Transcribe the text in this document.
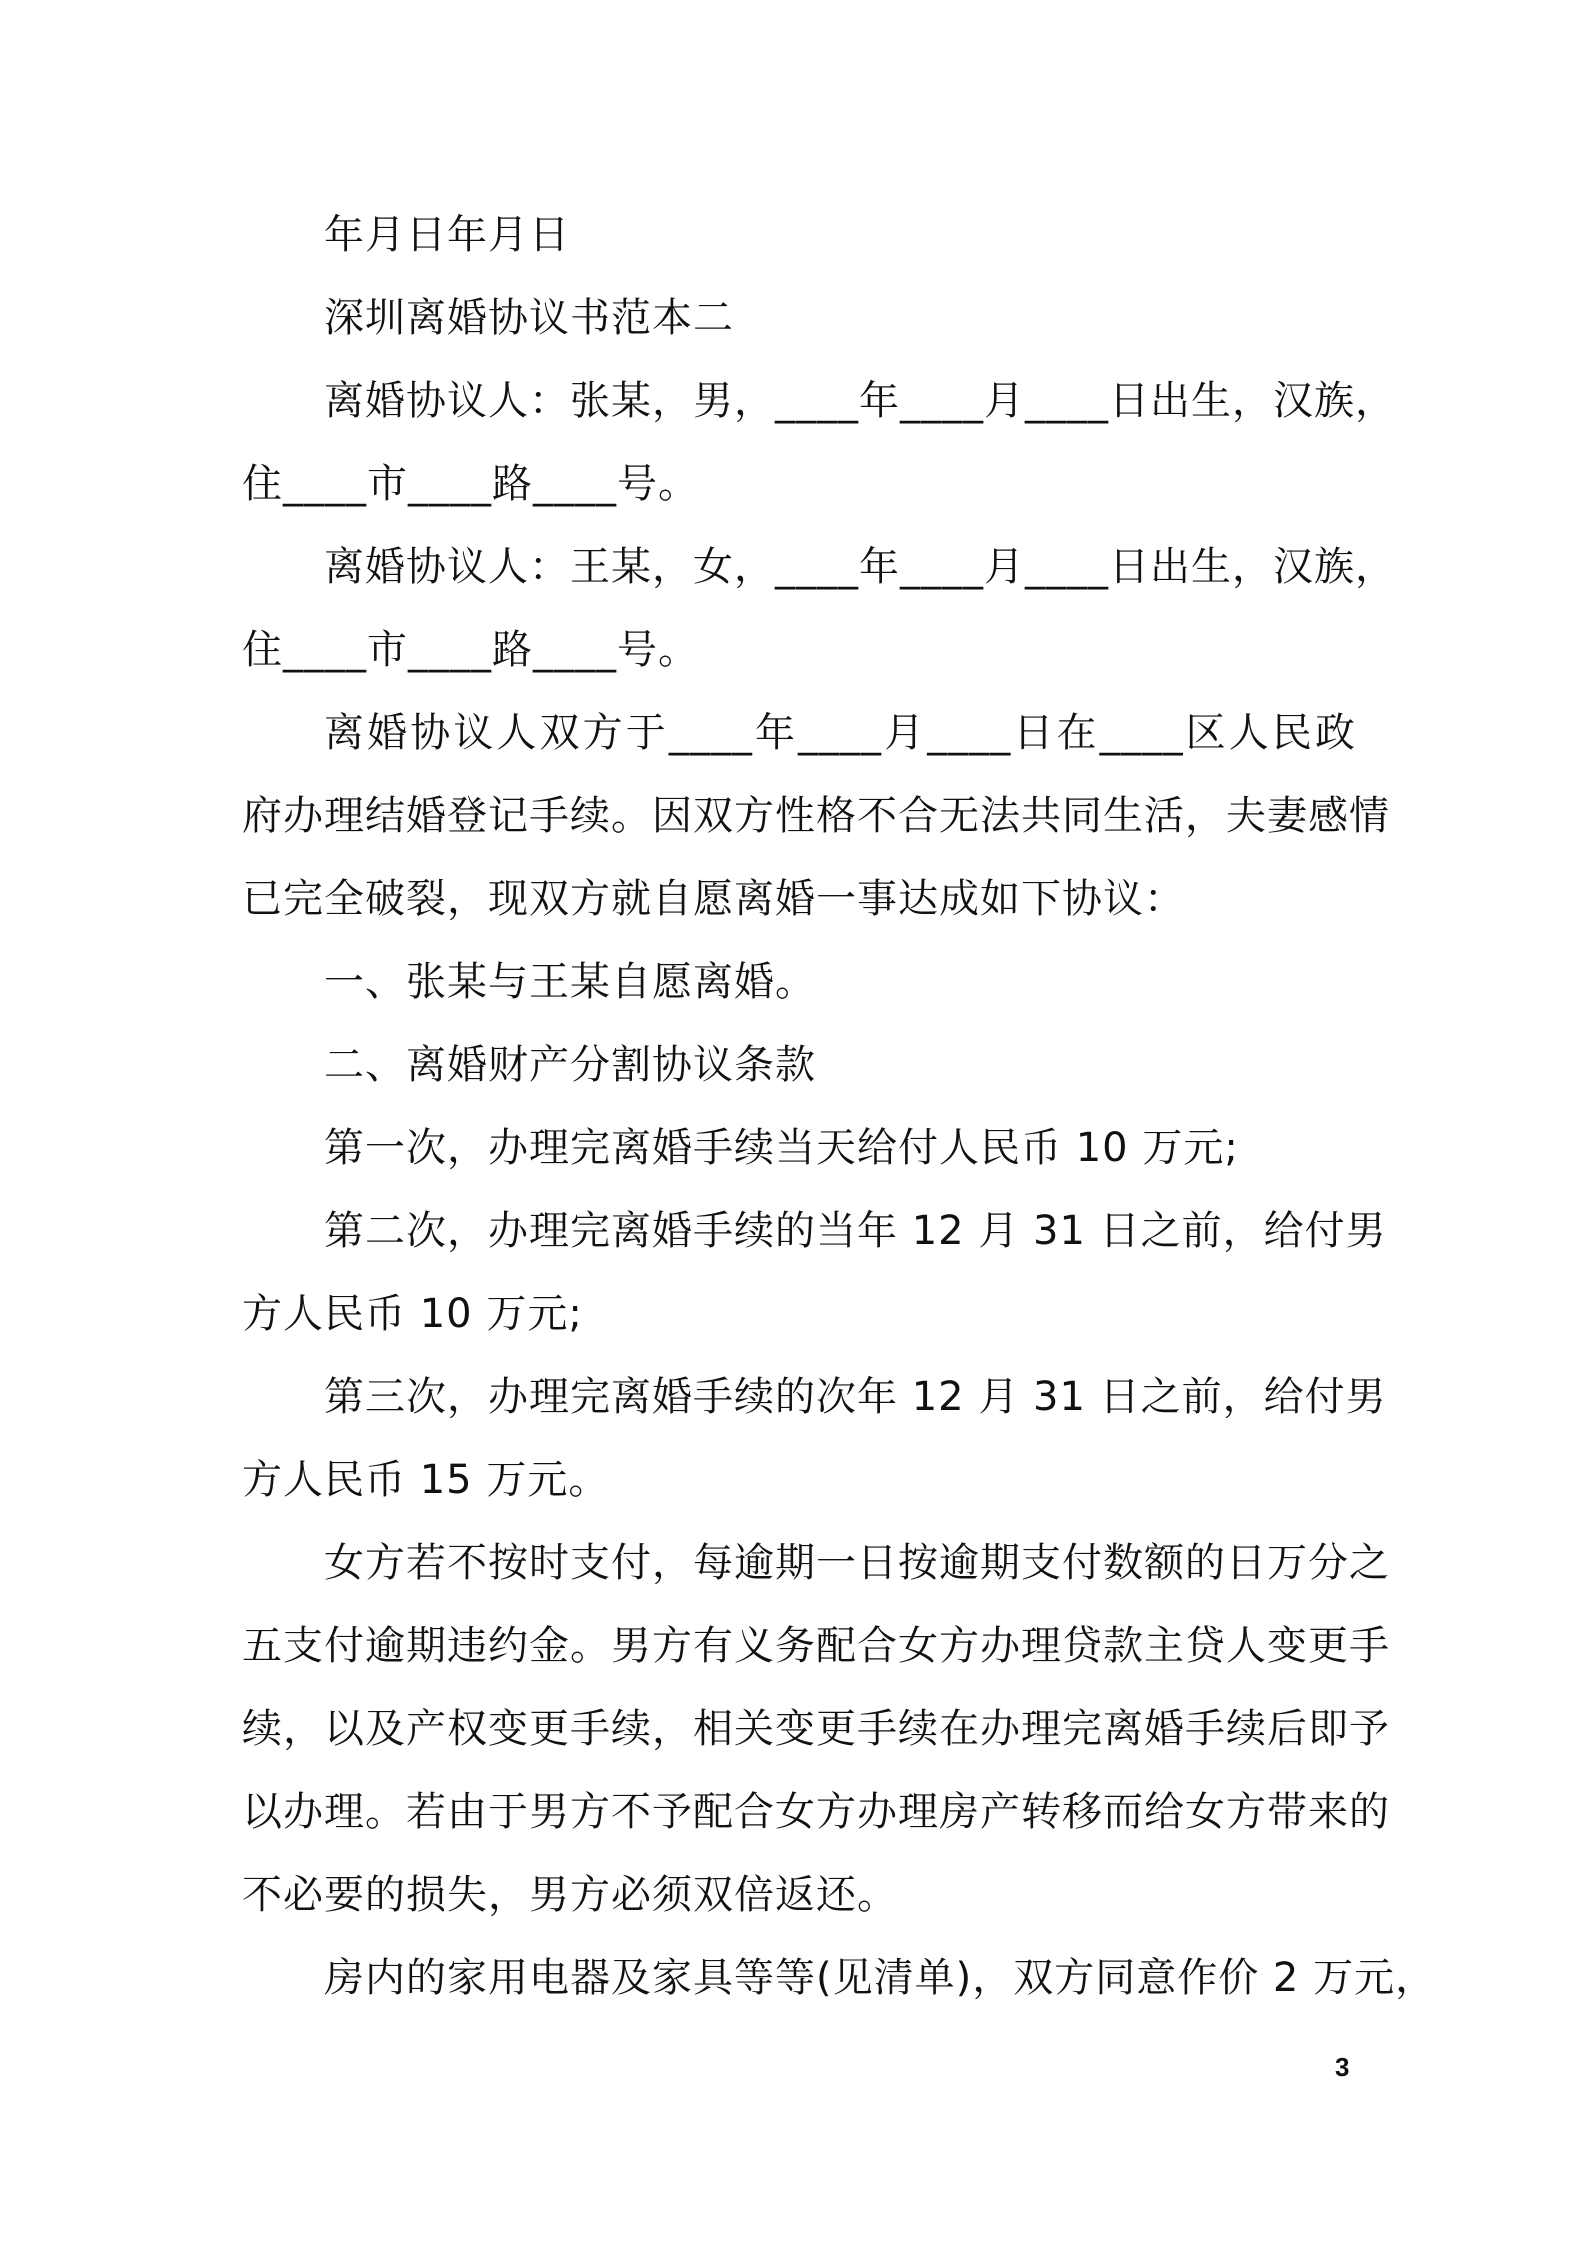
年月日年月日
深圳离婚协议书范本二
离婚协议人：张某，男，____年____月____日出生，汉族，
住____市____路____号。
离婚协议人：王某，女，____年____月____日出生，汉族，
住____市____路____号。
离婚协议人双方于____年____月____日在____区人民政
府办理结婚登记手续。因双方性格不合无法共同生活，夫妻感情
已完全破裂，现双方就自愿离婚一事达成如下协议：
一、张某与王某自愿离婚。
二、离婚财产分割协议条款
第一次，办理完离婚手续当天给付人民币 10 万元;
第二次，办理完离婚手续的当年 12 月 31 日之前，给付男
方人民币 10 万元;
第三次，办理完离婚手续的次年 12 月 31 日之前，给付男
方人民币 15 万元。
女方若不按时支付，每逾期一日按逾期支付数额的日万分之
五支付逾期违约金。男方有义务配合女方办理贷款主贷人变更手
续，以及产权变更手续，相关变更手续在办理完离婚手续后即予
以办理。若由于男方不予配合女方办理房产转移而给女方带来的
不必要的损失，男方必须双倍返还。
房内的家用电器及家具等等(见清单)，双方同意作价 2 万元，
3
